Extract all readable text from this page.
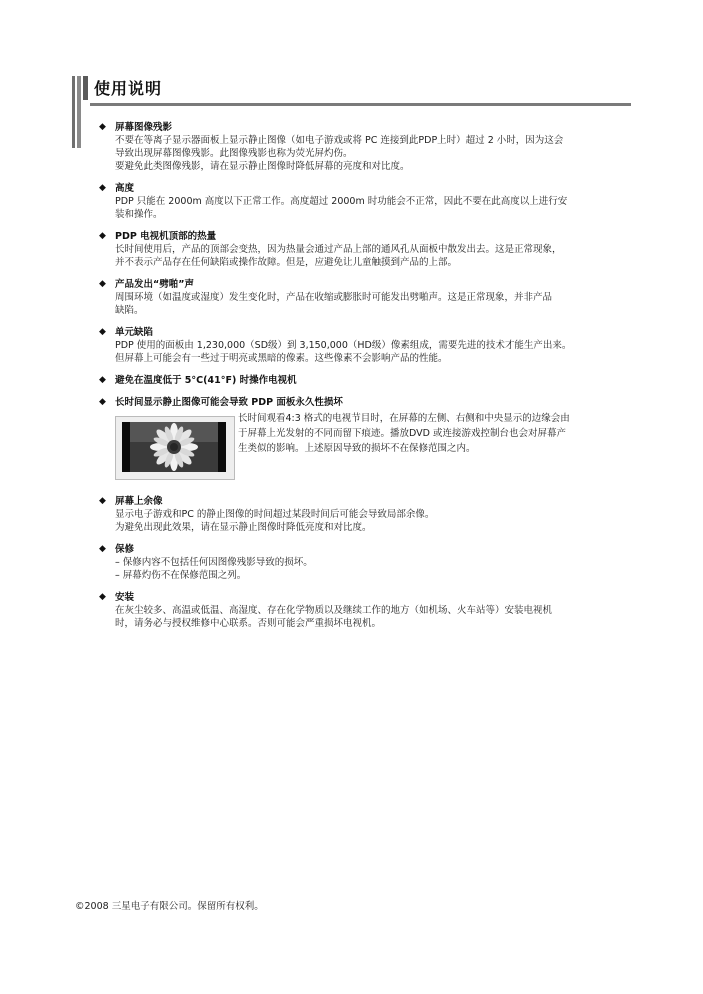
使用说明
◆ 屏幕图像残影

不要在等离子显示器面板上显示静止图像（如电子游戏或将 PC 连接到此PDP上时）超过 2 小时，因为这会

导致出现屏幕图像残影。此图像残影也称为荧光屏灼伤。

要避免此类图像残影，请在显示静止图像时降低屏幕的亮度和对比度。

◆ 高度

PDP 只能在 2000m 高度以下正常工作。高度超过 2000m 时功能会不正常，因此不要在此高度以上进行安

装和操作。

◆ PDP 电视机顶部的热量

长时间使用后，产品的顶部会变热，因为热量会通过产品上部的通风孔从面板中散发出去。这是正常现象，

并不表示产品存在任何缺陷或操作故障。但是，应避免让儿童触摸到产品的上部。

◆ 产品发出“劈啪”声

周围环境（如温度或湿度）发生变化时，产品在收缩或膨胀时可能发出劈啪声。这是正常现象，并非产品

缺陷。

◆ 单元缺陷

PDP 使用的面板由 1,230,000（SD级）到 3,150,000（HD级）像素组成，需要先进的技术才能生产出来。

但屏幕上可能会有一些过于明亮或黑暗的像素。这些像素不会影响产品的性能。

◆ 避免在温度低于 5°C(41°F) 时操作电视机
◆ 长时间显示静止图像可能会导致 PDP 面板永久性损坏

长时间观看4:3 格式的电视节目时，在屏幕的左侧、右侧和中央显示的边缘会由

于屏幕上光发射的不同而留下痕迹。播放DVD 或连接游戏控制台也会对屏幕产

生类似的影响。上述原因导致的损坏不在保修范围之内。

◆ 屏幕上余像

显示电子游戏和PC 的静止图像的时间超过某段时间后可能会导致局部余像。

为避免出现此效果，请在显示静止图像时降低亮度和对比度。

◆ 保修

– 保修内容不包括任何因图像残影导致的损坏。

– 屏幕灼伤不在保修范围之列。

◆ 安装

在灰尘较多、高温或低温、高湿度、存在化学物质以及继续工作的地方（如机场、火车站等）安装电视机

时，请务必与授权维修中心联系。否则可能会严重损坏电视机。

©2008 三星电子有限公司。保留所有权利。
